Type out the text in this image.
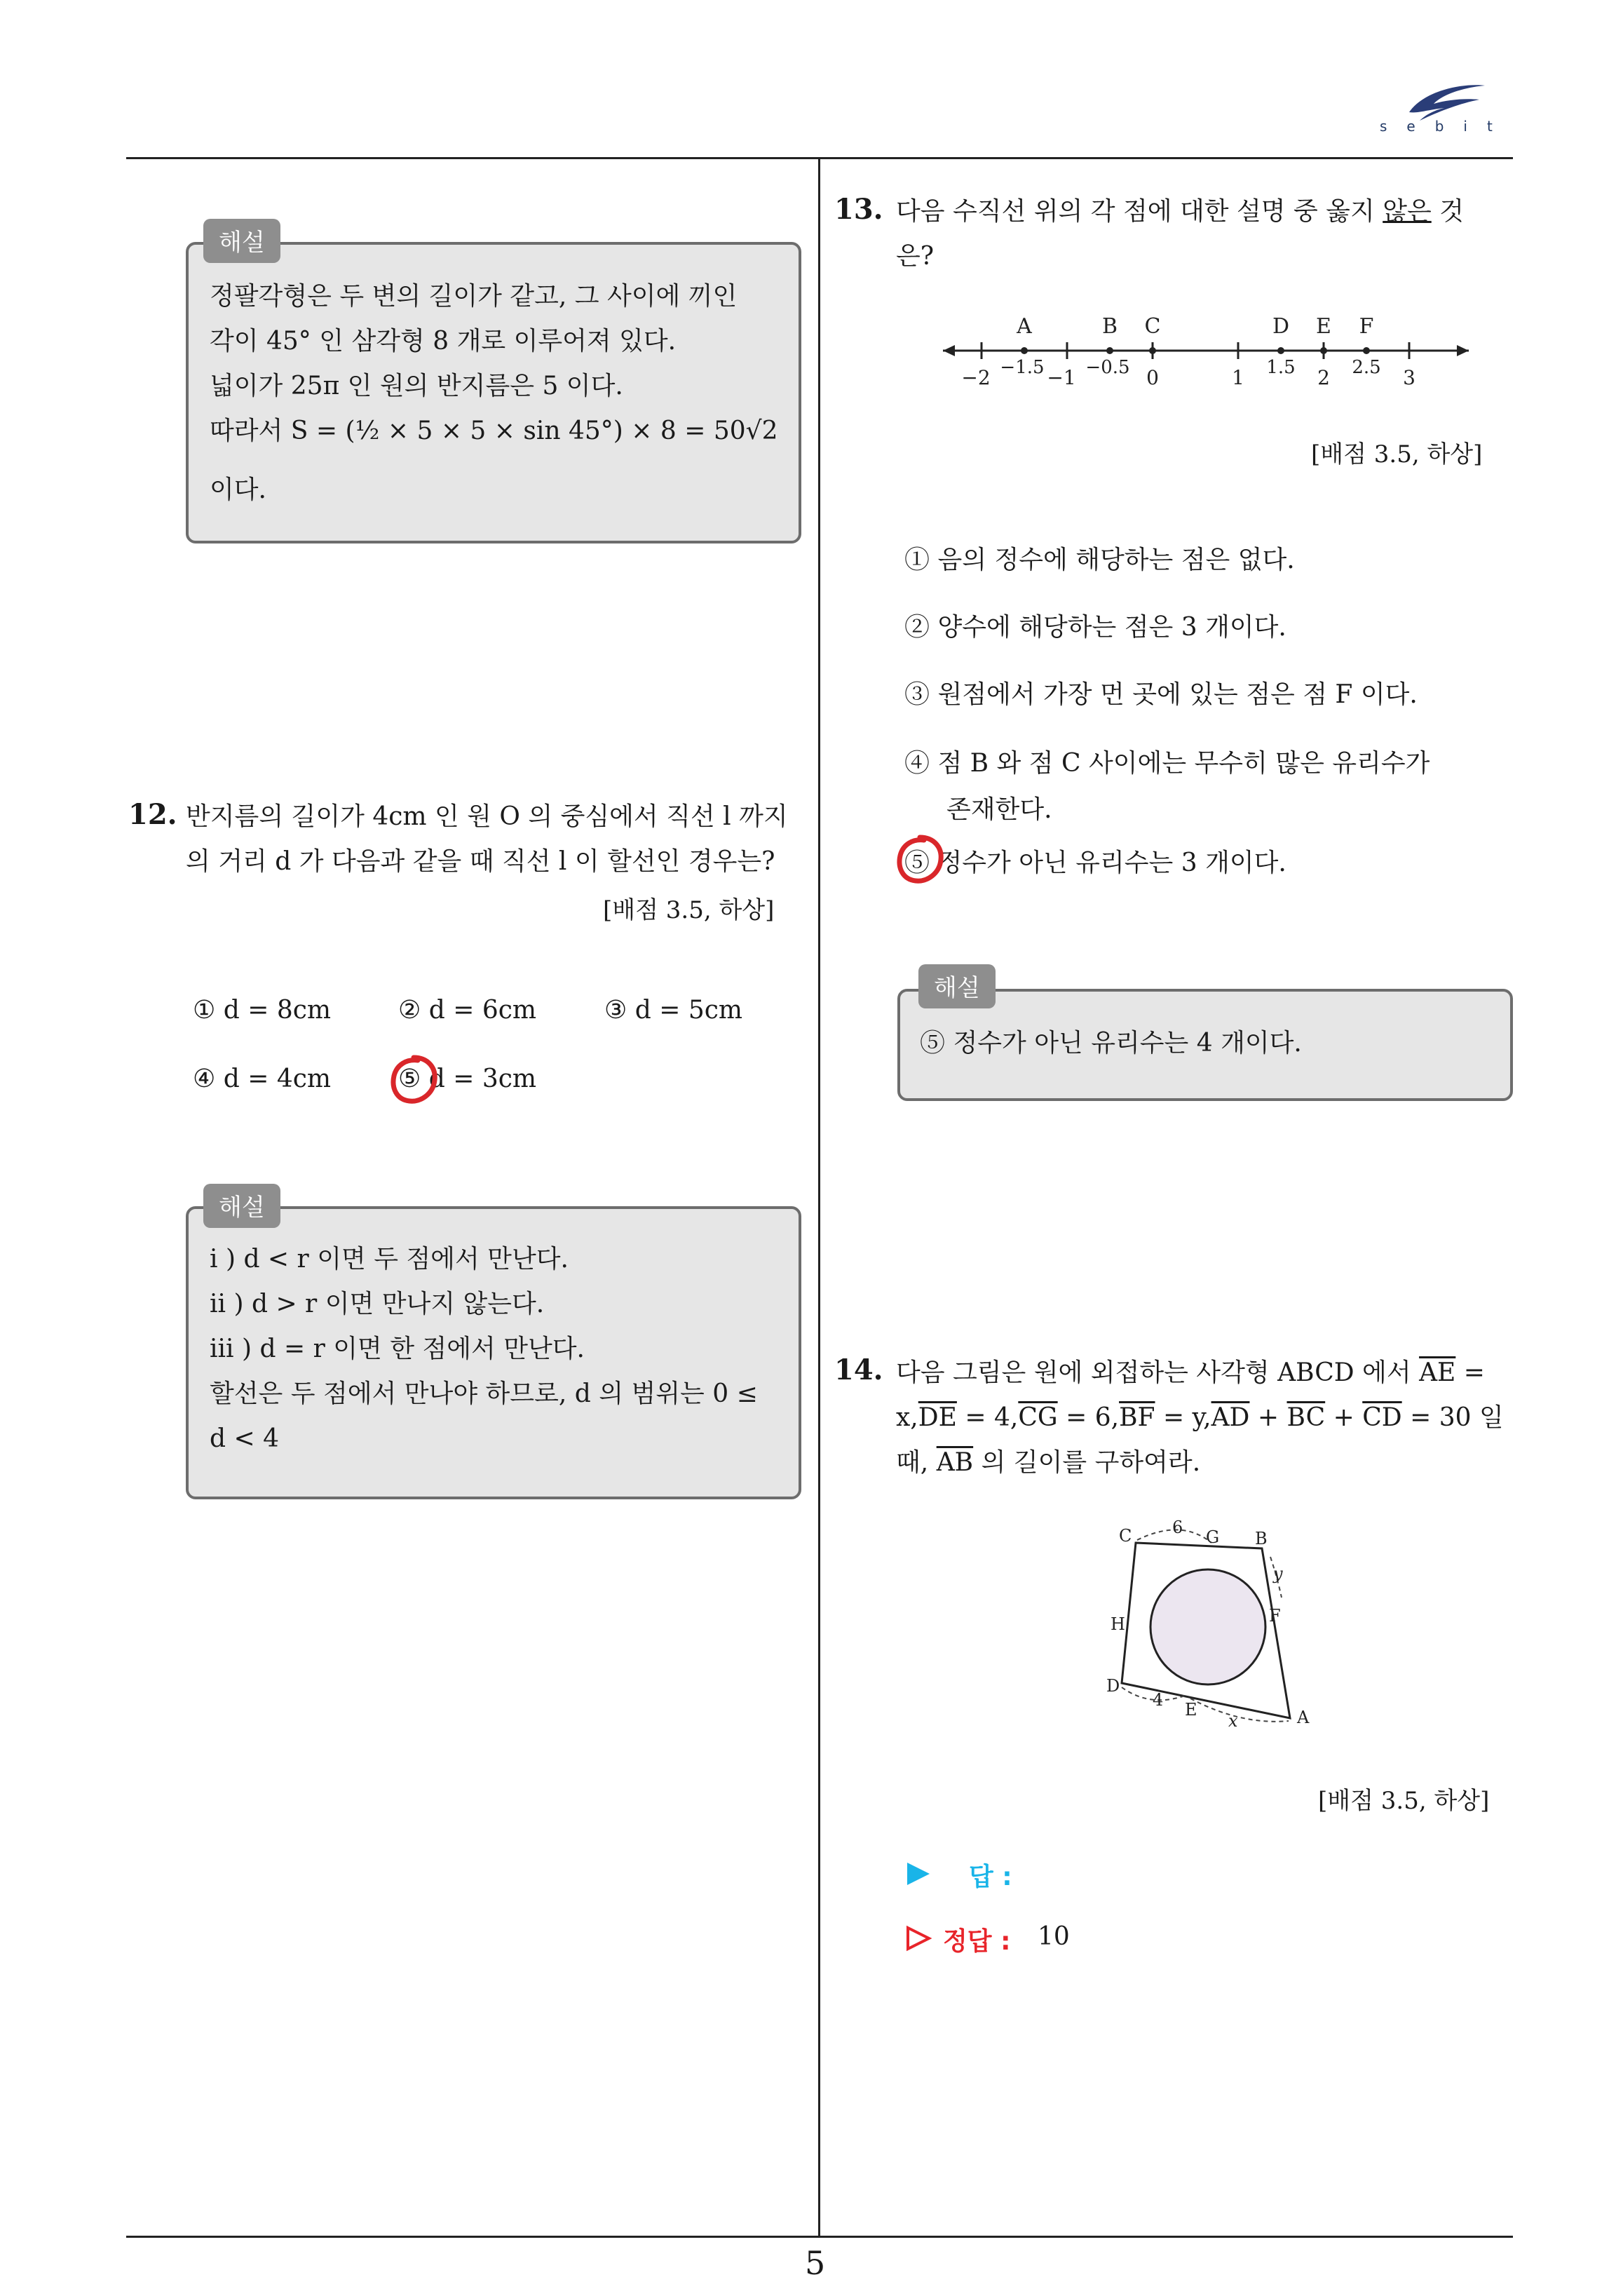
sebit
정팔각형은 두 변의 길이가 같고, 그 사이에 끼인
각이 45° 인 삼각형 8 개로 이루어져 있다.
넓이가 25π 인 원의 반지름은 5 이다.
따라서 S = (½ × 5 × 5 × sin 45°) × 8 = 50√2
이다.
해설
12. 반지름의 길이가 4cm 인 원 O 의 중심에서 직선 l 까지
의 거리 d 가 다음과 같을 때 직선 l 이 할선인 경우는?
[배점 3.5, 하상]
① d = 8cm	② d = 6cm	③ d = 5cm
④ d = 4cm	⑤ d = 3cm
i ) d < r 이면 두 점에서 만난다.
ii ) d > r 이면 만나지 않는다.
iii ) d = r 이면 한 점에서 만난다.
할선은 두 점에서 만나야 하므로, d 의 범위는 0 ≤
d < 4
해설
13. 다음 수직선 위의 각 점에 대한 설명 중 옳지 않은 것
은?
A	B C	D E F
−2	−1	0	1	2	3
−1.5 −0.5	1.5	2.5
[배점 3.5, 하상]
① 음의 정수에 해당하는 점은 없다.
② 양수에 해당하는 점은 3 개이다.
③ 원점에서 가장 먼 곳에 있는 점은 점 F 이다.
④ 점 B 와 점 C 사이에는 무수히 많은 유리수가
존재한다.
⑤ 정수가 아닌 유리수는 3 개이다.
⑤ 정수가 아닌 유리수는 4 개이다.
해설
14. 다음 그림은 원에 외접하는 사각형 ABCD 에서 $\overline{AE}$ =
$x,\overline{DE} = 4,\overline{CG} = 6,\overline{BF} = y,\overline{AD} + \overline{BC} + \overline{CD} = 30$ 일
때, $\overline{AB}$ 의 길이를 구하여라.
A
B
C
D
E
F
G
H
6
4
x
y
[배점 3.5, 하상]
답 :
정답 : 10
5
